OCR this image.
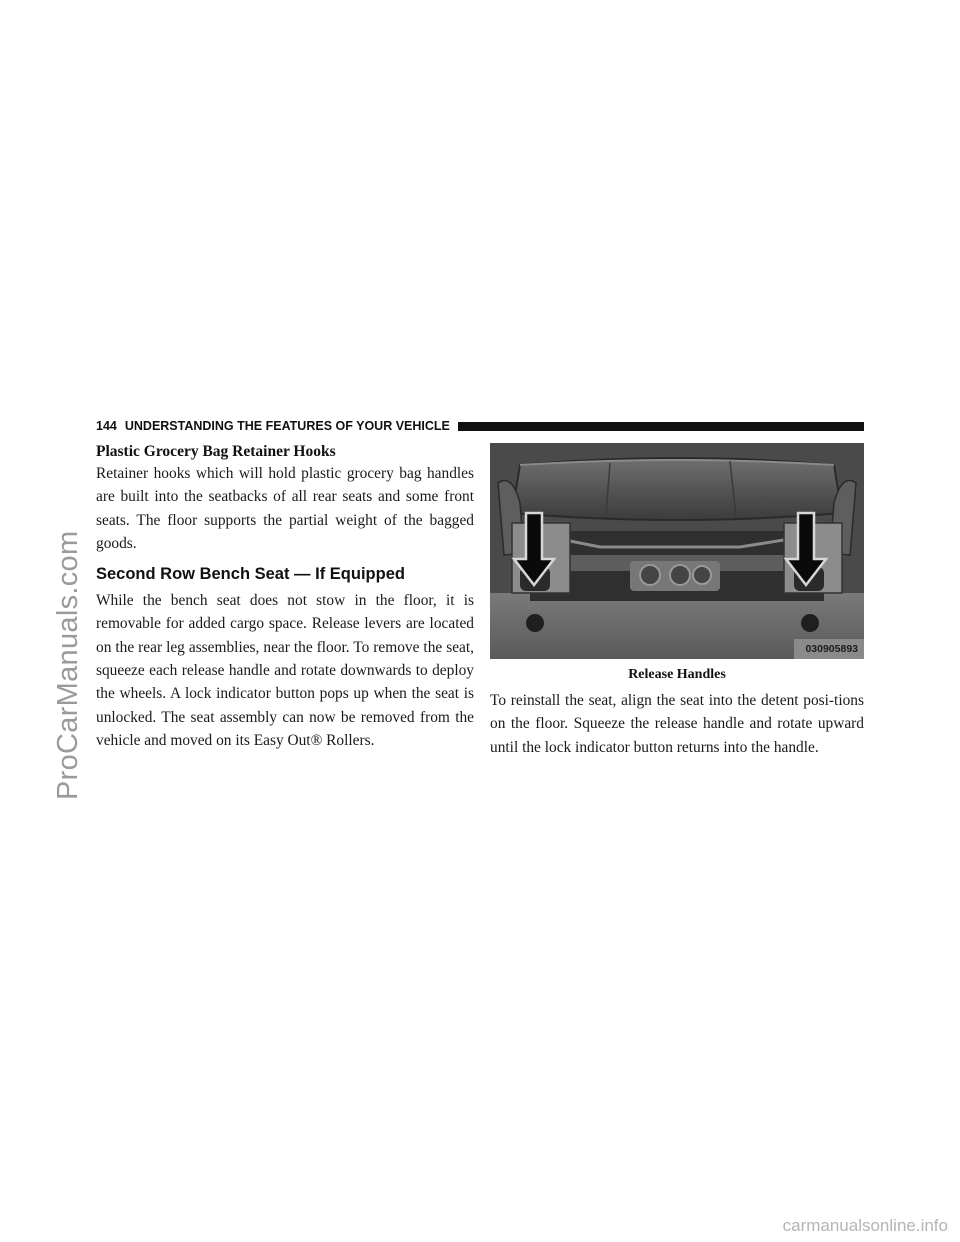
ProCarManuals.com
carmanualsonline.info
144 UNDERSTANDING THE FEATURES OF YOUR VEHICLE
Plastic Grocery Bag Retainer Hooks

Retainer hooks which will hold plastic grocery bag handles are built into the seatbacks of all rear seats and some front seats. The floor supports the partial weight of the bagged goods.

Second Row Bench Seat — If Equipped

While the bench seat does not stow in the floor, it is removable for added cargo space. Release levers are located on the rear leg assemblies, near the floor. To remove the seat, squeeze each release handle and rotate downwards to deploy the wheels. A lock indicator button pops up when the seat is unlocked. The seat assembly can now be removed from the vehicle and moved on its Easy Out® Rollers.

030905893
Release Handles

To reinstall the seat, align the seat into the detent posi-tions on the floor. Squeeze the release handle and rotate upward until the lock indicator button returns into the handle.
